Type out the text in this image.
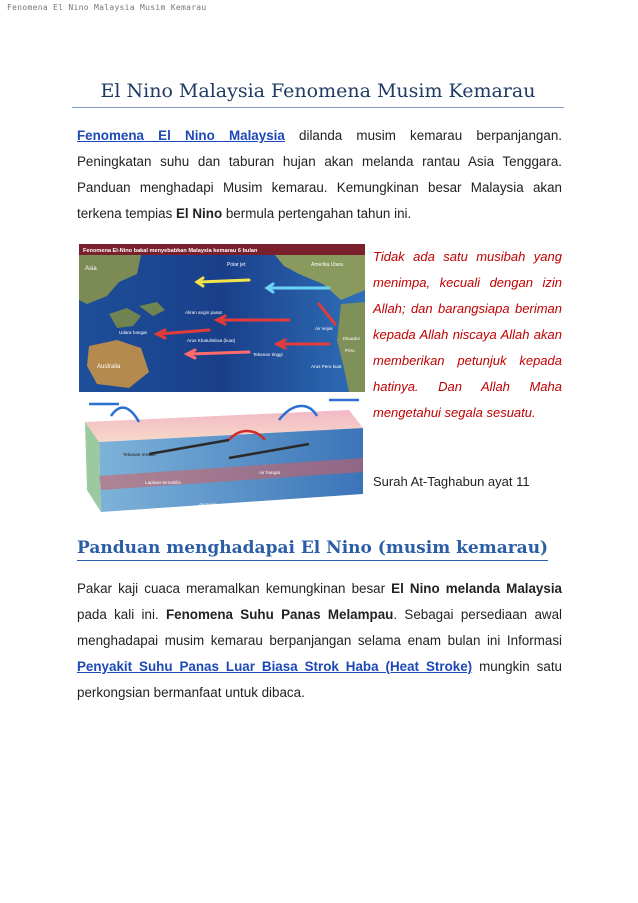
Fenomena El Nino Malaysia Musim Kemarau
El Nino Malaysia Fenomena Musim Kemarau
Fenomena El Nino Malaysia dilanda musim kemarau berpanjangan. Peningkatan suhu dan taburan hujan akan melanda rantau Asia Tenggara. Panduan menghadapi Musim kemarau. Kemungkinan besar Malaysia akan terkena tempias El Nino bermula pertengahan tahun ini.
Fenomena El-Nino bakal menyebabkan Malaysia kemarau 6 bulan
Asia
Australia
Polar jet	Amerika Utara
Aliran angin pasat
Arus Khatulistiwa (kuat)
Tekanan tinggi
Udara hangat
Air sejuk
Ekuador
Peru
Arus Peru kuat
Lapisan termoklin
Air hangat
Air sejuk
Tekanan rendah
Tidak ada satu musibah yang menimpa, kecuali dengan izin Allah; dan barangsiapa beriman kepada Allah niscaya Allah akan memberikan petunjuk kepada hatinya. Dan Allah Maha mengetahui segala sesuatu.
Surah At-Taghabun ayat 11
Panduan menghadapai El Nino (musim kemarau)
Pakar kaji cuaca meramalkan kemungkinan besar El Nino melanda Malaysia pada kali ini. Fenomena Suhu Panas Melampau. Sebagai persediaan awal menghadapai musim kemarau berpanjangan selama enam bulan ini Informasi Penyakit Suhu Panas Luar Biasa Strok Haba (Heat Stroke) mungkin satu perkongsian bermanfaat untuk dibaca.
